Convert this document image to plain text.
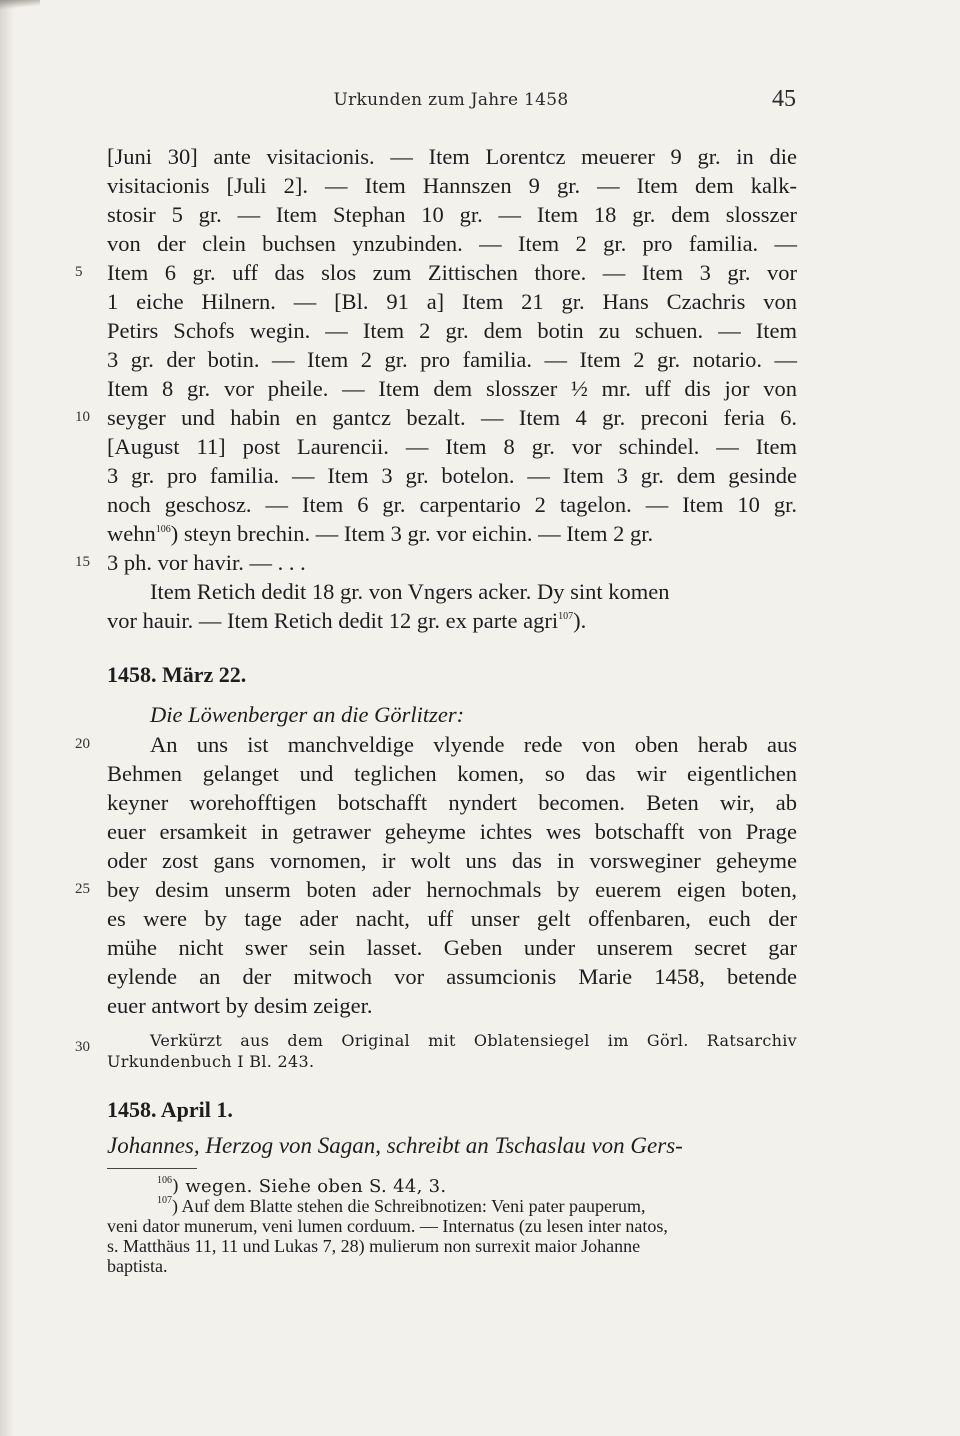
Urkunden zum Jahre 1458	45
[Juni 30] ante visitacionis. — Item Lorentcz meuerer 9 gr. in die
visitacionis [Juli 2]. — Item Hannszen 9 gr. — Item dem kalk-
stosir 5 gr. — Item Stephan 10 gr. — Item 18 gr. dem slosszer
von der clein buchsen ynzubinden. — Item 2 gr. pro familia. —
Item 6 gr. uff das slos zum Zittischen thore. — Item 3 gr. vor
1 eiche Hilnern. — [Bl. 91 a] Item 21 gr. Hans Czachris von
Petirs Schofs wegin. — Item 2 gr. dem botin zu schuen. — Item
3 gr. der botin. — Item 2 gr. pro familia. — Item 2 gr. notario. —
Item 8 gr. vor pheile. — Item dem slosszer ½ mr. uff dis jor von
seyger und habin en gantcz bezalt. — Item 4 gr. preconi feria 6.
[August 11] post Laurencii. — Item 8 gr. vor schindel. — Item
3 gr. pro familia. — Item 3 gr. botelon. — Item 3 gr. dem gesinde
noch geschosz. — Item 6 gr. carpentario 2 tagelon. — Item 10 gr.
wehn$^{106}$) steyn brechin. — Item 3 gr. vor eichin. — Item 2 gr.
3 ph. vor havir. — . . .
Item Retich dedit 18 gr. von Vngers acker. Dy sint komen
vor hauir. — Item Retich dedit 12 gr. ex parte agri$^{107}$).
5
10
15
20
25
30
1458. März 22.
Die Löwenberger an die Görlitzer:
An uns ist manchveldige vlyende rede von oben herab aus
Behmen gelanget und teglichen komen, so das wir eigentlichen
keyner worehofftigen botschafft nyndert becomen. Beten wir, ab
euer ersamkeit in getrawer geheyme ichtes wes botschafft von Prage
oder zost gans vornomen, ir wolt uns das in vorsweginer geheyme
bey desim unserm boten ader hernochmals by euerem eigen boten,
es were by tage ader nacht, uff unser gelt offenbaren, euch der
mühe nicht swer sein lasset. Geben under unserem secret gar
eylende an der mitwoch vor assumcionis Marie 1458, betende
euer antwort by desim zeiger.
Verkürzt aus dem Original mit Oblatensiegel im Görl. Ratsarchiv
Urkundenbuch I Bl. 243.
1458. April 1.
Johannes, Herzog von Sagan, schreibt an Tschaslau von Gers-
$^{106}$) wegen. Siehe oben S. 44, 3.
$^{107}$) Auf dem Blatte stehen die Schreibnotizen: Veni pater pauperum,
veni dator munerum, veni lumen corduum. — Internatus (zu lesen inter natos,
s. Matthäus 11, 11 und Lukas 7, 28) mulierum non surrexit maior Johanne
baptista.
